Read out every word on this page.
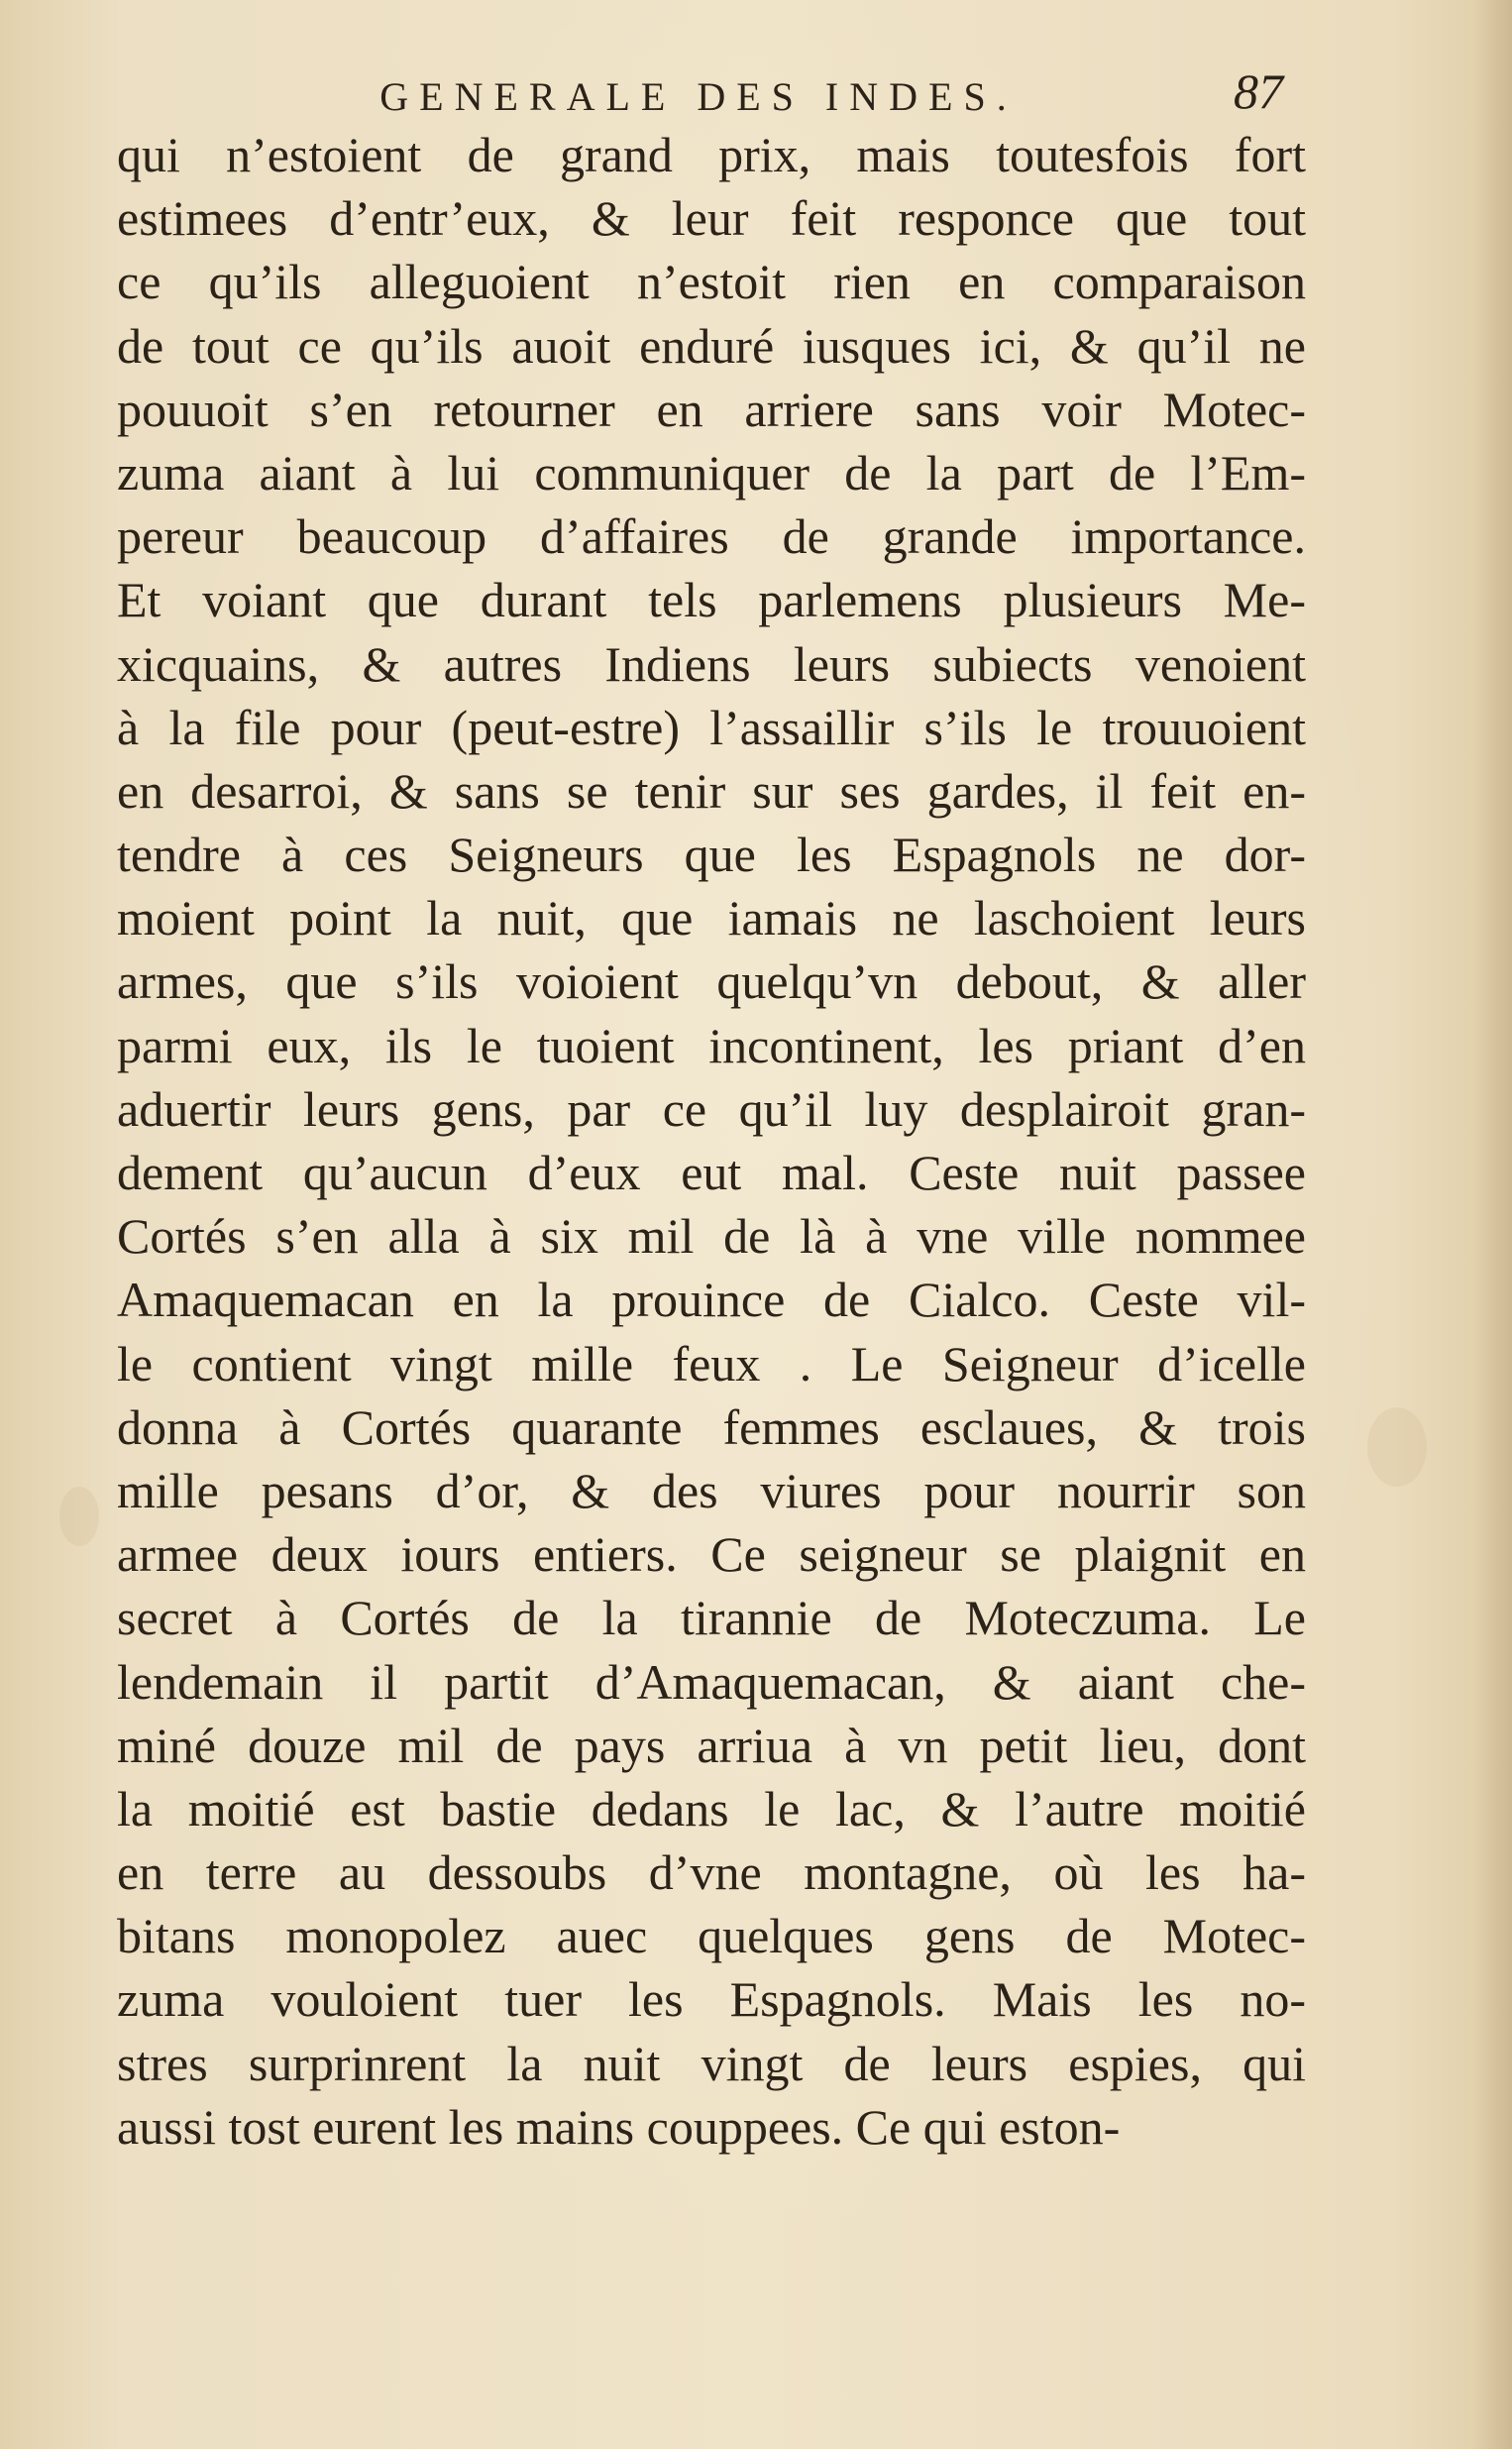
GENERALE DES INDES.	87
qui n’estoient de grand prix, mais toutesfois fort
estimees d’entr’eux, & leur feit responce que tout
ce qu’ils alleguoient n’estoit rien en comparaison
de tout ce qu’ils auoit enduré iusques ici, & qu’il ne
pouuoit s’en retourner en arriere sans voir Motec-
zuma aiant à lui communiquer de la part de l’Em-
pereur beaucoup d’affaires de grande importance.
Et voiant que durant tels parlemens plusieurs Me-
xicquains, & autres Indiens leurs subiects venoient
à la file pour (peut-estre) l’assaillir s’ils le trouuoient
en desarroi, & sans se tenir sur ses gardes, il feit en-
tendre à ces Seigneurs que les Espagnols ne dor-
moient point la nuit, que iamais ne laschoient leurs
armes, que s’ils voioient quelqu’vn debout, & aller
parmi eux, ils le tuoient incontinent, les priant d’en
aduertir leurs gens, par ce qu’il luy desplairoit gran-
dement qu’aucun d’eux eut mal. Ceste nuit passee
Cortés s’en alla à six mil de là à vne ville nommee
Amaquemacan en la prouince de Cialco. Ceste vil-
le contient vingt mille feux . Le Seigneur d’icelle
donna à Cortés quarante femmes esclaues, & trois
mille pesans d’or, & des viures pour nourrir son
armee deux iours entiers. Ce seigneur se plaignit en
secret à Cortés de la tirannie de Moteczuma. Le
lendemain il partit d’Amaquemacan, & aiant che-
miné douze mil de pays arriua à vn petit lieu, dont
la moitié est bastie dedans le lac, & l’autre moitié
en terre au dessoubs d’vne montagne, où les ha-
bitans monopolez auec quelques gens de Motec-
zuma vouloient tuer les Espagnols. Mais les no-
stres surprinrent la nuit vingt de leurs espies, qui
aussi tost eurent les mains couppees. Ce qui eston-
